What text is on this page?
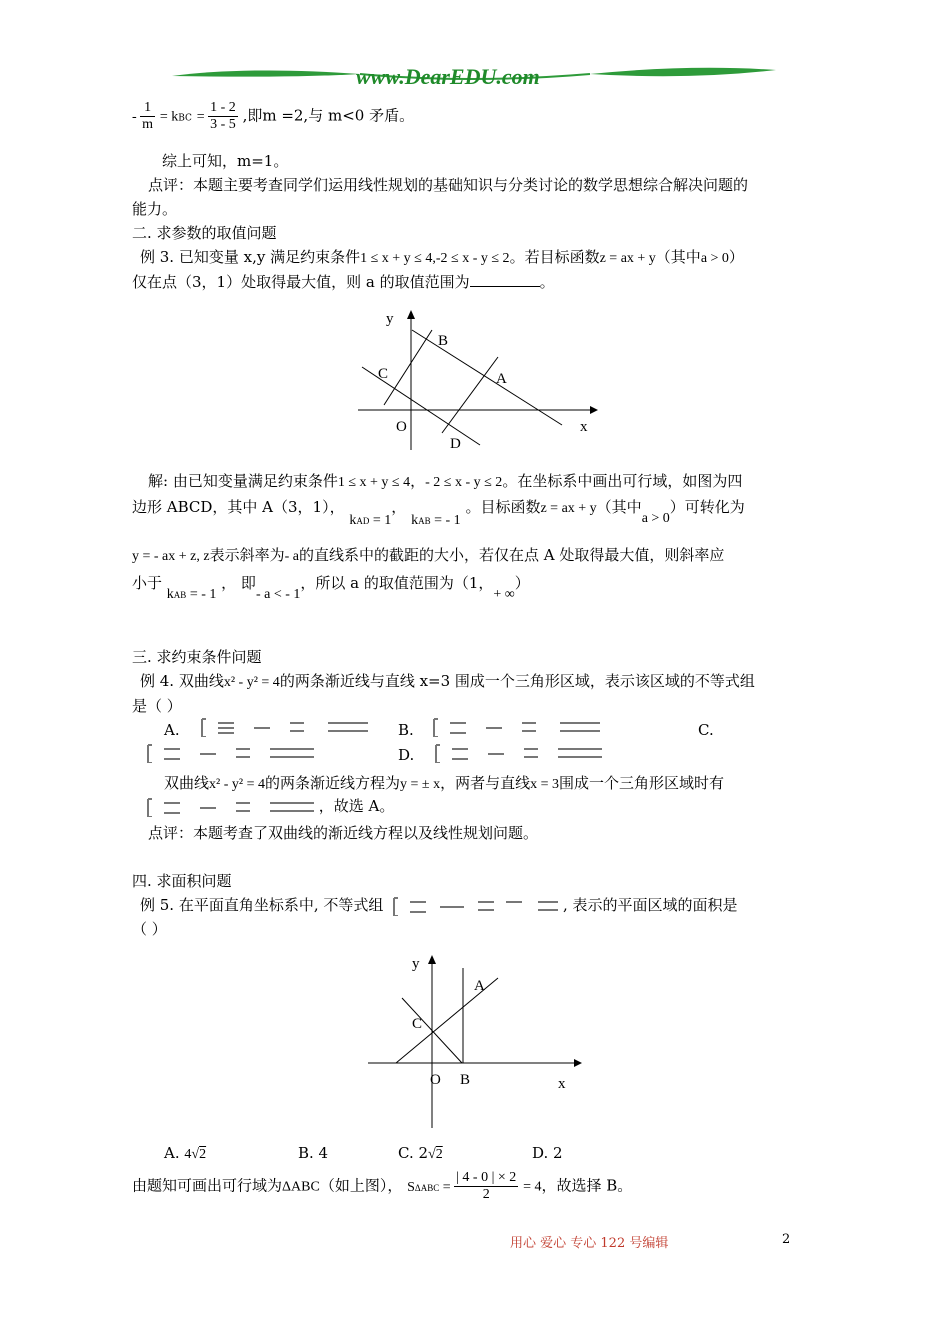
www.DearEDU.com
- $\frac{1}{m}$ = kBC = $\frac{1 - 2}{3 - 5}$ ,即m =2,与 m<0 矛盾。
综上可知，m=1。
点评：本题主要考查同学们运用线性规划的基础知识与分类讨论的数学思想综合解决问题的
能力。
二. 求参数的取值问题
例 3. 已知变量 x,y 满足约束条件1 ≤ x + y ≤ 4,-2 ≤ x - y ≤ 2。若目标函数z = ax + y（其中a > 0）
仅在点（3，1）处取得最大值，则 a 的取值范围为	。
y
B
C	A
O
D
x
解: 由已知变量满足约束条件1 ≤ x + y ≤ 4，- 2 ≤ x - y ≤ 2。在坐标系中画出可行域，如图为四
边形 ABCD，其中 A（3，1）， kAD = 1， kAB = - 1 。目标函数z = ax + y（其中a > 0）可转化为
y = - ax + z, z表示斜率为- a的直线系中的截距的大小，若仅在点 A 处取得最大值，则斜率应
小于 kAB = - 1 ， 即- a < - 1，所以 a 的取值范围为（1，+ ∞）
三. 求约束条件问题
例 4. 双曲线x² - y² = 4的两条渐近线与直线 x=3 围成一个三角形区域，表示该区域的不等式组
是（ ）
A.	B.	C.
D.
双曲线x² - y² = 4的两条渐近线方程为y = ± x，两者与直线x = 3围成一个三角形区域时有
，故选 A。
点评：本题考查了双曲线的渐近线方程以及线性规划问题。
四. 求面积问题
例 5. 在平面直角坐标系中, 不等式组	, 表示的平面区域的面积是
（ ）
y
A
C
O B	x
A. 4√2	B. 4	C. 2√2	D. 2
由题知可画出可行域为ΔABC（如上图）， $S\Delta ABC = \frac{| 4 - 0 | \times 2}{2} = 4$，故选择 B。
用心 爱心 专心 122 号编辑	2
